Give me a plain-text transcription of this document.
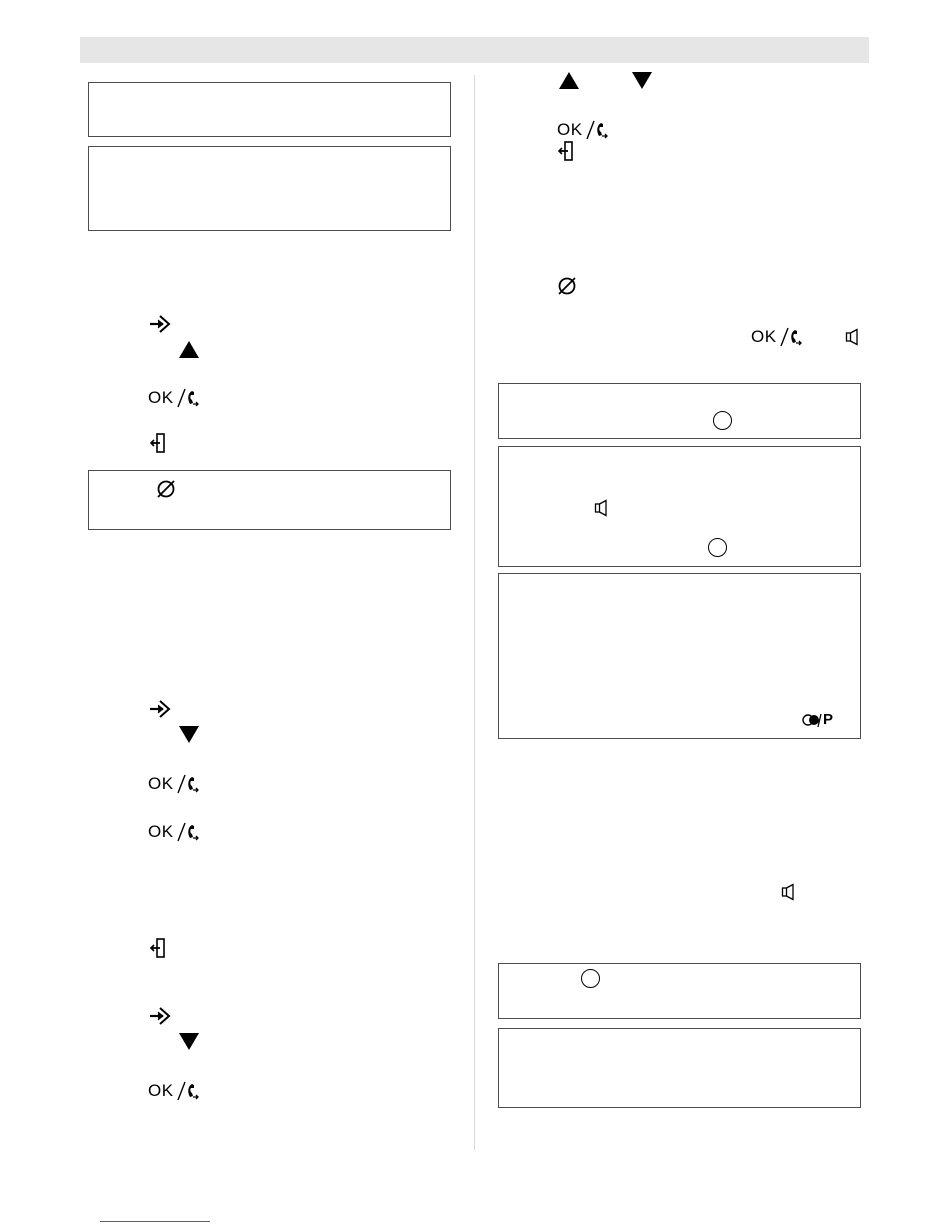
OK
OK
OK
OK
OK
OK
P
